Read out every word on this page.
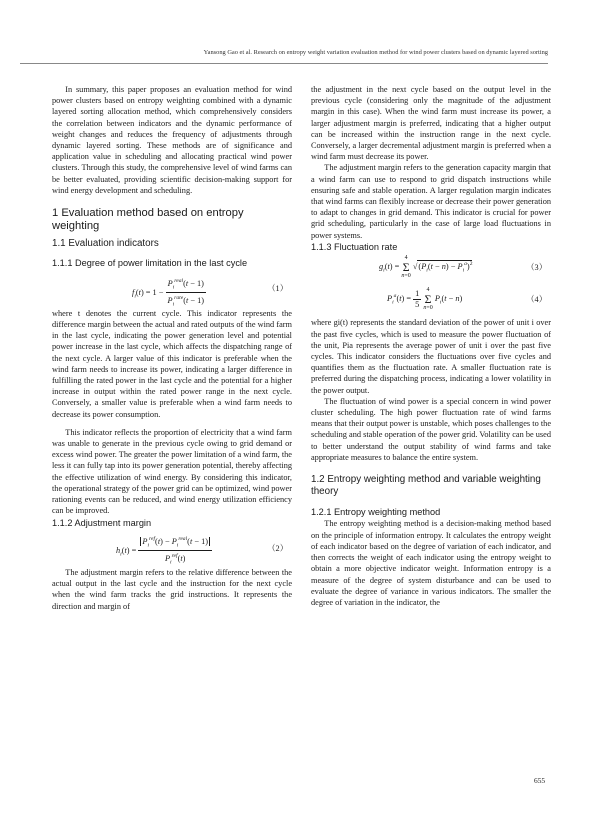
Yansong Gao et al. Research on entropy weight variation evaluation method for wind power clusters based on dynamic layered sorting

In summary, this paper proposes an evaluation method for wind power clusters based on entropy weighting combined with a dynamic layered sorting allocation method, which comprehensively considers the correlation between indicators and the dynamic performance of weight changes and reduces the frequency of adjustments through dynamic layered sorting. These methods are of significance and application value in scheduling and allocating practical wind power clusters. Through this study, the comprehensive level of wind farms can be better evaluated, providing scientific decision-making support for wind energy development and scheduling.

1 Evaluation method based on entropy weighting

1.1 Evaluation indicators

1.1.1 Degree of power limitation in the last cycle

$f_i(t) = 1 - \frac{P_i^{real}(t - 1)}{P_i^{rate}(t - 1)}$	（1）

where t denotes the current cycle. This indicator represents the difference margin between the actual and rated outputs of the wind farm in the last cycle, indicating the power generation level and potential power increase in the last cycle, which affects the dispatching range of the next cycle. A larger value of this indicator is preferable when the wind farm needs to increase its power, indicating a larger difference in fulfilling the rated power in the last cycle and the potential for a higher increase in output within the rated power range in the next cycle. Conversely, a smaller value is preferable when a wind farm needs to decrease its power consumption.

This indicator reflects the proportion of electricity that a wind farm was unable to generate in the previous cycle owing to grid demand or excess wind power. The greater the power limitation of a wind farm, the less it can fully tap into its power generation potential, thereby affecting the effective utilization of wind energy. By considering this indicator, the operational strategy of the power grid can be optimized, wind power rationing events can be reduced, and wind energy utilization efficiency can be improved.

1.1.2 Adjustment margin

$h_i(t) = \frac{P_i^{ref}(t) - P_i^{real}(t - 1)}{P_i^{ref}(t)}$	（2）

The adjustment margin refers to the relative difference between the actual output in the last cycle and the instruction for the next cycle when the wind farm tracks the grid instructions. It represents the direction and margin of

the adjustment in the next cycle based on the output level in the previous cycle (considering only the magnitude of the adjustment margin in this case). When the wind farm must increase its power, a larger adjustment margin is preferred, indicating that a higher output can be increased within the instruction range in the next cycle. Conversely, a larger decremental adjustment margin is preferred when a wind farm must decrease its power.

The adjustment margin refers to the generation capacity margin that a wind farm can use to respond to grid dispatch instructions while ensuring safe and stable operation. A larger regulation margin indicates that wind farms can flexibly increase or decrease their power generation to adapt to changes in grid demand. This indicator is crucial for power grid scheduling, particularly in the case of large load fluctuations in power systems.

1.1.3 Fluctuation rate

$g_i(t)$ =
4
Σ
n=0
$√(P_i(t - n) - P_i^a)^2$	（3）
$P_i^a(t) = \frac{1}{5}$
4
Σ
n=0
$P_i(t - n)$	（4）

where gi(t) represents the standard deviation of the power of unit i over the past five cycles, which is used to measure the power fluctuation of the unit, Pia represents the average power of unit i over the past five cycles. This indicator considers the fluctuations over five cycles and quantifies them as the fluctuation rate. A smaller fluctuation rate is preferred during the dispatching process, indicating a lower volatility in the power output.

The fluctuation of wind power is a special concern in wind power cluster scheduling. The high power fluctuation rate of wind farms means that their output power is unstable, which poses challenges to the scheduling and stable operation of the power grid. Volatility can be used to better understand the output stability of wind farms and take appropriate measures to balance the entire system.

1.2 Entropy weighting method and variable weighting theory

1.2.1 Entropy weighting method

The entropy weighting method is a decision-making method based on the principle of information entropy. It calculates the entropy weight of each indicator based on the degree of variation of each indicator, and then corrects the weight of each indicator using the entropy weight to obtain a more objective indicator weight. Information entropy is a measure of the degree of system disturbance and can be used to evaluate the degree of variance in various indicators. The smaller the degree of variation in the indicator, the

655
